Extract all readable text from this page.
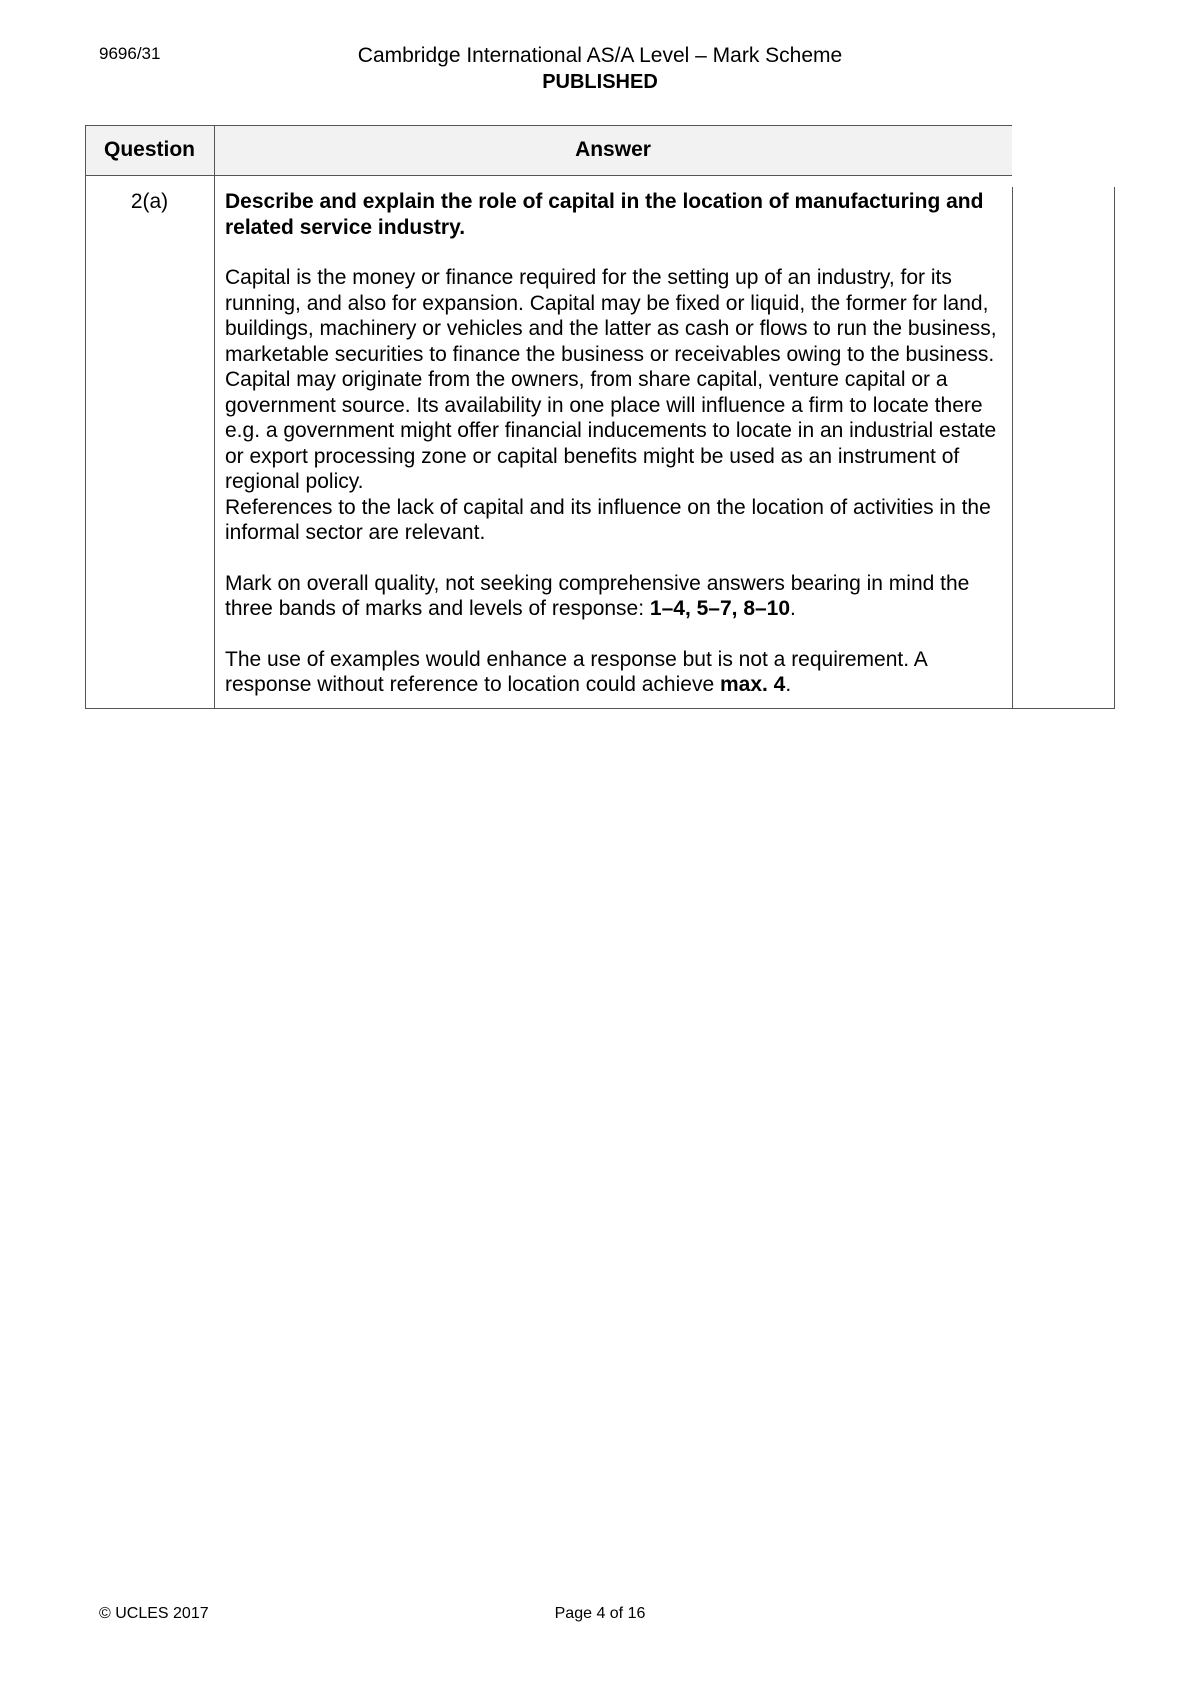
9696/31	Cambridge International AS/A Level – Mark Scheme
PUBLISHED
Question	Answer
2(a)	Describe and explain the role of capital in the location of manufacturing and related service industry.

Capital is the money or finance required for the setting up of an industry, for its running, and also for expansion. Capital may be fixed or liquid, the former for land, buildings, machinery or vehicles and the latter as cash or flows to run the business, marketable securities to finance the business or receivables owing to the business. Capital may originate from the owners, from share capital, venture capital or a government source. Its availability in one place will influence a firm to locate there e.g. a government might offer financial inducements to locate in an industrial estate or export processing zone or capital benefits might be used as an instrument of regional policy.
References to the lack of capital and its influence on the location of activities in the informal sector are relevant.

Mark on overall quality, not seeking comprehensive answers bearing in mind the three bands of marks and levels of response: 1–4, 5–7, 8–10.

The use of examples would enhance a response but is not a requirement. A response without reference to location could achieve max. 4.

© UCLES 2017	Page 4 of 16
